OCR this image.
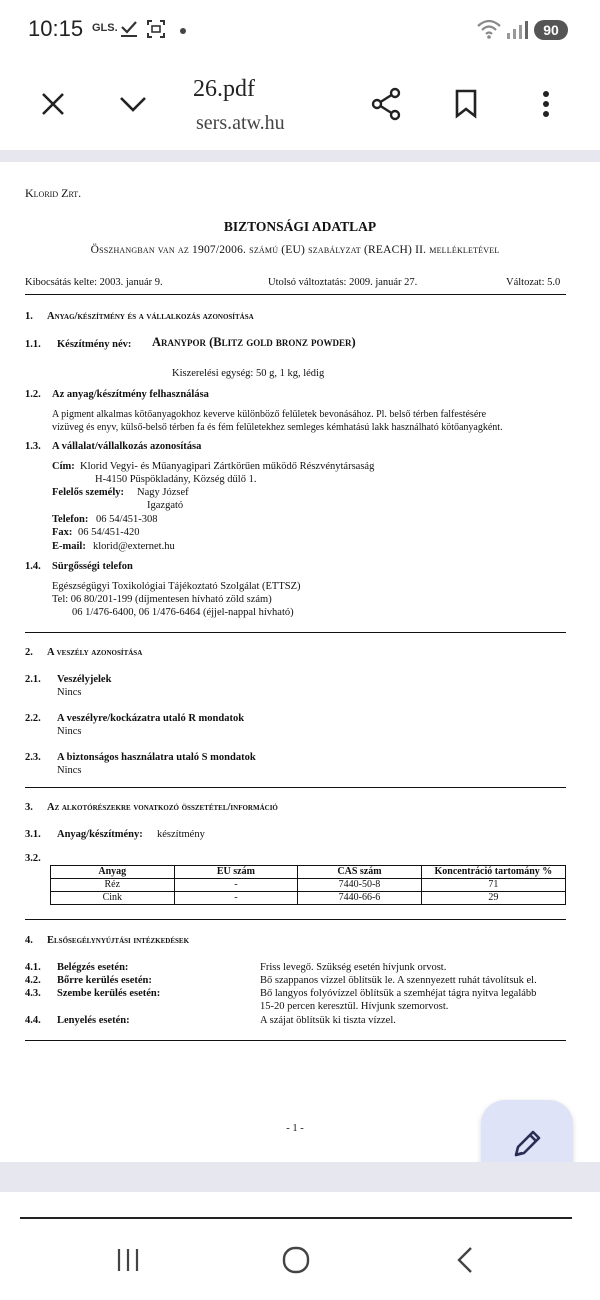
10:15 GLS.	90
26.pdf
sers.atw.hu
Klorid Zrt.
BIZTONSÁGI ADATLAP
Összhangban van az 1907/2006. számú (EU) szabályzat (REACH) II. mellékletével
Kibocsátás kelte: 2003. január 9.	Utolsó változtatás: 2009. január 27.	Változat: 5.0
1. Anyag/készítmény és a vállalkozás azonosítása
1.1. Készítmény név: Aranypor (Blitz gold bronz powder)
Kiszerelési egység: 50 g, 1 kg, lédig
1.2. Az anyag/készítmény felhasználása
A pigment alkalmas kötőanyagokhoz keverve különböző felületek bevonásához. Pl. belső térben falfestésére
vízüveg és enyv, külső-belső térben fa és fém felületekhez semleges kémhatású lakk használható kötőanyagként.
1.3. A vállalat/vállalkozás azonosítása
Cím: Klorid Vegyi- és Műanyagipari Zártkörűen működő Részvénytársaság
H-4150 Püspökladány, Község dűlő 1.
Felelős személy: Nagy József
Igazgató
Telefon: 06 54/451-308
Fax: 06 54/451-420
E-mail: klorid@externet.hu
1.4. Sürgősségi telefon
Egészségügyi Toxikológiai Tájékoztató Szolgálat (ETTSZ)
Tel: 06 80/201-199 (díjmentesen hívható zöld szám)
06 1/476-6400, 06 1/476-6464 (éjjel-nappal hívható)
2. A veszély azonosítása
2.1. Veszélyjelek
Nincs
2.2. A veszélyre/kockázatra utaló R mondatok
Nincs
2.3. A biztonságos használatra utaló S mondatok
Nincs
3. Az alkotórészekre vonatkozó összetétel/információ
3.1. Anyag/készítmény: készítmény
3.2.
Anyag	EU szám	CAS szám	Koncentráció tartomány %
Réz	-	7440-50-8	71
Cink	-	7440-66-6	29
4. Elsősegélynyújtási intézkedések
4.1. Belégzés esetén:	Friss levegő. Szükség esetén hívjunk orvost.
4.2. Bőrre kerülés esetén:	Bő szappanos vízzel öblítsük le. A szennyezett ruhát távolítsuk el.
4.3. Szembe kerülés esetén:	Bő langyos folyóvízzel öblítsük a szemhéjat tágra nyitva legalább
15-20 percen keresztül. Hívjunk szemorvost.
4.4. Lenyelés esetén:	A szájat öblítsük ki tiszta vízzel.
- 1 -
